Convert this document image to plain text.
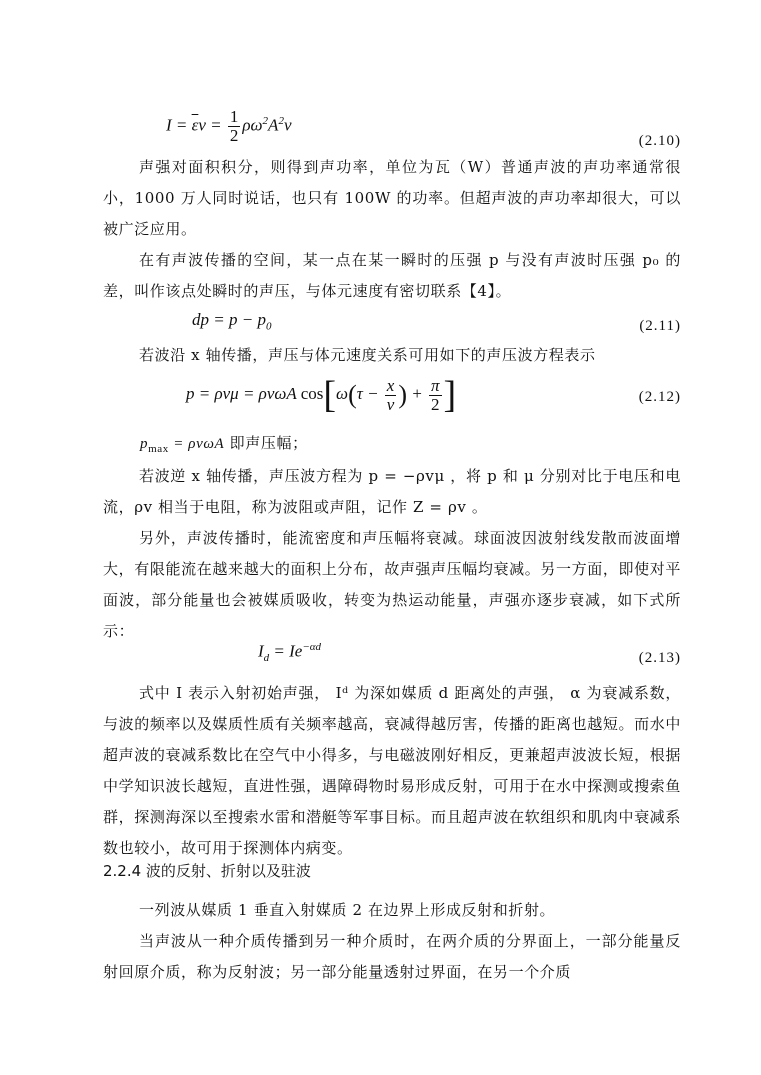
$I = \overline{\varepsilon}v = \frac{1}{2} \rho\omega^2A^2v$
(2.10)
声强对面积积分，则得到声功率，单位为瓦（W）普通声波的声功率通常很小，1000 万人同时说话，也只有 100W 的功率。但超声波的声功率却很大，可以被广泛应用。
在有声波传播的空间，某一点在某一瞬时的压强 p 与没有声波时压强 p₀ 的差，叫作该点处瞬时的声压，与体元速度有密切联系【4】。
dp = $p - p_0$	(2.11)
若波沿 x 轴传播，声压与体元速度关系可用如下的声压波方程表示
p = ρvμ = ρvωA $\cos[\omega(\tau - \frac{x}{v}$ ) + $\frac{\pi}{2}$ ]	(2.12)
$p_{max} = \rho v\omega A$ 即声压幅；
若波逆 x 轴传播，声压波方程为 p = −ρvμ ，将 p 和 μ 分别对比于电压和电流，ρv 相当于电阻，称为波阻或声阻，记作 Z = ρv 。
另外，声波传播时，能流密度和声压幅将衰减。球面波因波射线发散而波面增大，有限能流在越来越大的面积上分布，故声强声压幅均衰减。另一方面，即使对平面波，部分能量也会被媒质吸收，转变为热运动能量，声强亦逐步衰减，如下式所示：
$I_d = Ie^{-\alpha d}$
(2.13)
式中 I 表示入射初始声强， Iᵈ 为深如媒质 d 距离处的声强， α 为衰减系数，与波的频率以及媒质性质有关频率越高，衰减得越厉害，传播的距离也越短。而水中超声波的衰减系数比在空气中小得多，与电磁波刚好相反，更兼超声波波长短，根据中学知识波长越短，直进性强，遇障碍物时易形成反射，可用于在水中探测或搜索鱼群，探测海深以至搜索水雷和潜艇等军事目标。而且超声波在软组织和肌肉中衰减系数也较小，故可用于探测体内病变。
2.2.4 波的反射、折射以及驻波
一列波从媒质 1 垂直入射媒质 2 在边界上形成反射和折射。
当声波从一种介质传播到另一种介质时，在两介质的分界面上，一部分能量反射回原介质，称为反射波；另一部分能量透射过界面，在另一个介质
